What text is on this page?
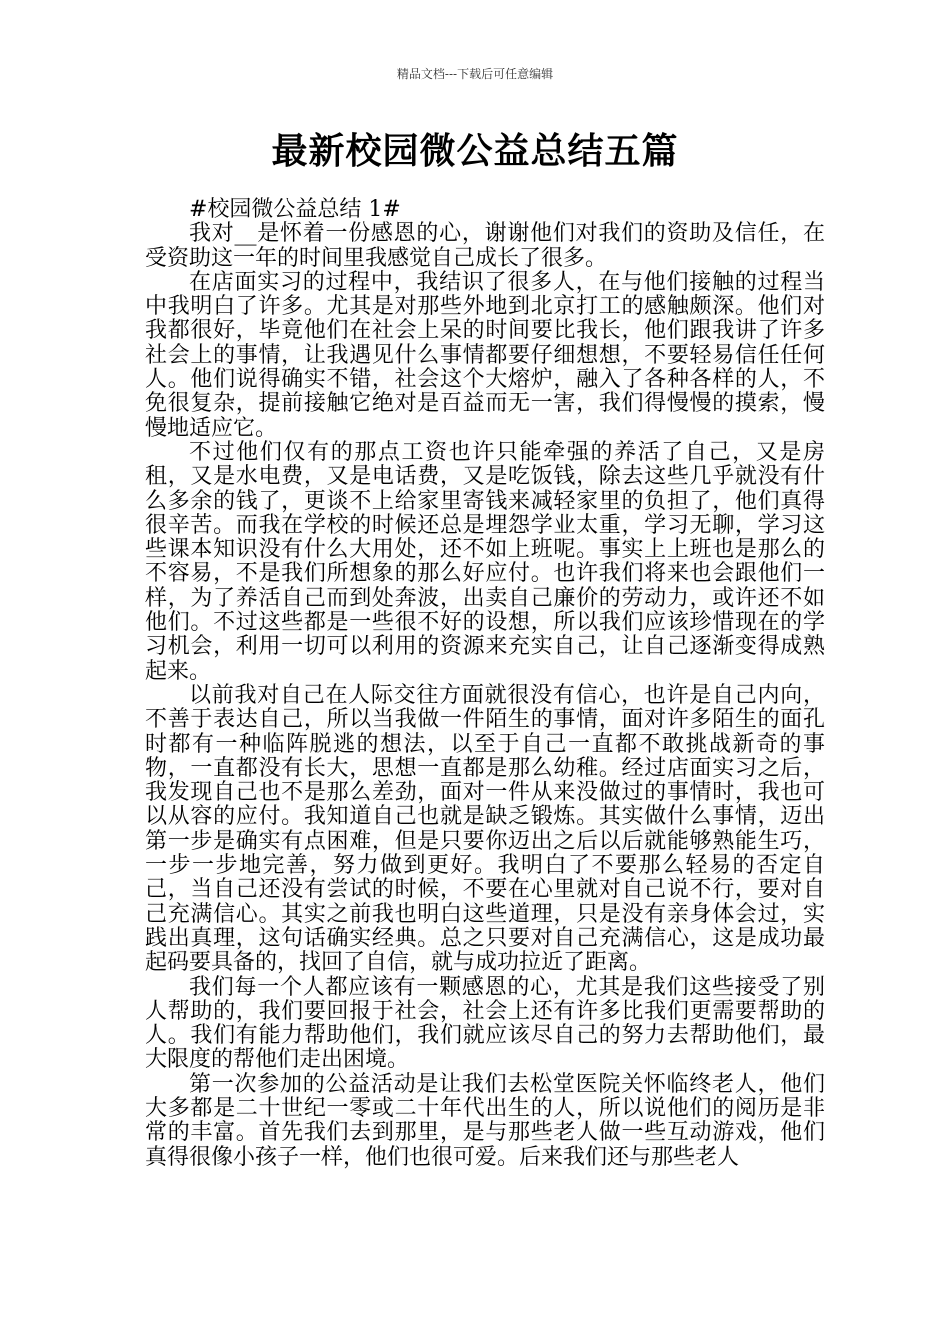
精品文档---下载后可任意编辑
最新校园微公益总结五篇

#校园微公益总结 1#

我对__是怀着一份感恩的心，谢谢他们对我们的资助及信任，在受资助这一年的时间里我感觉自己成长了很多。

在店面实习的过程中，我结识了很多人，在与他们接触的过程当中我明白了许多。尤其是对那些外地到北京打工的感触颇深。他们对我都很好，毕竟他们在社会上呆的时间要比我长，他们跟我讲了许多社会上的事情，让我遇见什么事情都要仔细想想，不要轻易信任任何人。他们说得确实不错，社会这个大熔炉，融入了各种各样的人，不免很复杂，提前接触它绝对是百益而无一害，我们得慢慢的摸索，慢慢地适应它。

不过他们仅有的那点工资也许只能牵强的养活了自己，又是房租，又是水电费，又是电话费，又是吃饭钱，除去这些几乎就没有什么多余的钱了，更谈不上给家里寄钱来减轻家里的负担了，他们真得很辛苦。而我在学校的时候还总是埋怨学业太重，学习无聊，学习这些课本知识没有什么大用处，还不如上班呢。事实上上班也是那么的不容易，不是我们所想象的那么好应付。也许我们将来也会跟他们一样，为了养活自己而到处奔波，出卖自己廉价的劳动力，或许还不如他们。不过这些都是一些很不好的设想，所以我们应该珍惜现在的学习机会，利用一切可以利用的资源来充实自己，让自己逐渐变得成熟起来。

以前我对自己在人际交往方面就很没有信心，也许是自己内向，不善于表达自己，所以当我做一件陌生的事情，面对许多陌生的面孔时都有一种临阵脱逃的想法，以至于自己一直都不敢挑战新奇的事物，一直都没有长大，思想一直都是那么幼稚。经过店面实习之后，我发现自己也不是那么差劲，面对一件从来没做过的事情时，我也可以从容的应付。我知道自己也就是缺乏锻炼。其实做什么事情，迈出第一步是确实有点困难，但是只要你迈出之后以后就能够熟能生巧，一步一步地完善，努力做到更好。我明白了不要那么轻易的否定自己，当自己还没有尝试的时候，不要在心里就对自己说不行，要对自己充满信心。其实之前我也明白这些道理，只是没有亲身体会过，实践出真理，这句话确实经典。总之只要对自己充满信心，这是成功最起码要具备的，找回了自信，就与成功拉近了距离。

我们每一个人都应该有一颗感恩的心，尤其是我们这些接受了别人帮助的，我们要回报于社会，社会上还有许多比我们更需要帮助的人。我们有能力帮助他们，我们就应该尽自己的努力去帮助他们，最大限度的帮他们走出困境。

第一次参加的公益活动是让我们去松堂医院关怀临终老人，他们大多都是二十世纪一零或二十年代出生的人，所以说他们的阅历是非常的丰富。首先我们去到那里，是与那些老人做一些互动游戏，他们真得很像小孩子一样，他们也很可爱。后来我们还与那些老人
